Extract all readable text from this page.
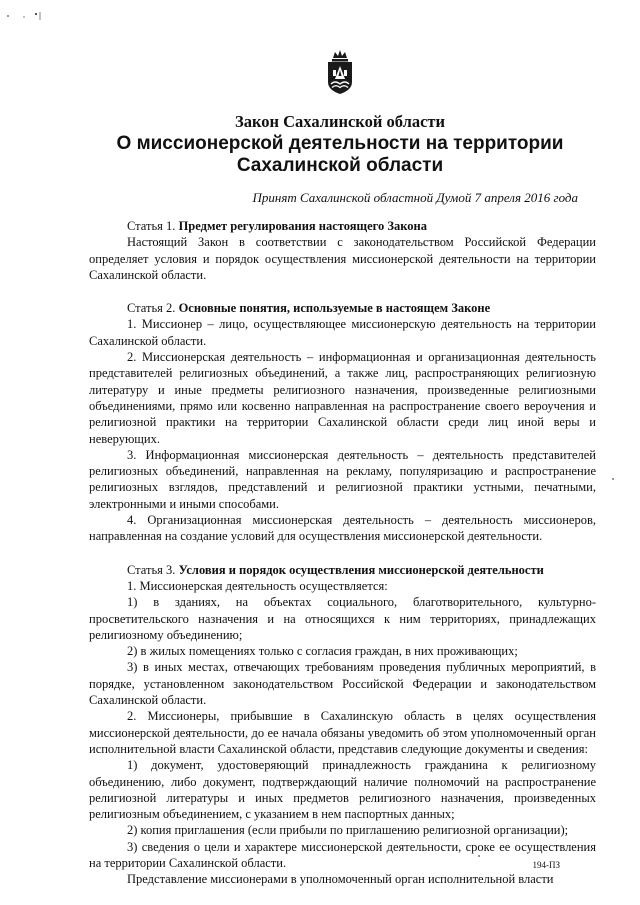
Закон Сахалинской области
О миссионерской деятельности на территории
Сахалинской области
Принят Сахалинской областной Думой 7 апреля 2016 года

Статья 1. Предмет регулирования настоящего Закона

Настоящий Закон в соответствии с законодательством Российской Федерации определяет условия и порядок осуществления миссионерской деятельности на территории Сахалинской области.

Статья 2. Основные понятия, используемые в настоящем Законе

1. Миссионер – лицо, осуществляющее миссионерскую деятельность на территории Сахалинской области.

2. Миссионерская деятельность – информационная и организационная деятельность представителей религиозных объединений, а также лиц, распространяющих религиозную литературу и иные предметы религиозного назначения, произведенные религиозными объединениями, прямо или косвенно направленная на распространение своего вероучения и религиозной практики на территории Сахалинской области среди лиц иной веры и неверующих.

3. Информационная миссионерская деятельность – деятельность представителей религиозных объединений, направленная на рекламу, популяризацию и распространение религиозных взглядов, представлений и религиозной практики устными, печатными, электронными и иными способами.

4. Организационная миссионерская деятельность – деятельность миссионеров, направленная на создание условий для осуществления миссионерской деятельности.

Статья 3. Условия и порядок осуществления миссионерской деятельности

1. Миссионерская деятельность осуществляется:

1) в зданиях, на объектах социального, благотворительного, культурно-просветительского назначения и на относящихся к ним территориях, принадлежащих религиозному объединению;

2) в жилых помещениях только с согласия граждан, в них проживающих;

3) в иных местах, отвечающих требованиям проведения публичных мероприятий, в порядке, установленном законодательством Российской Федерации и законодательством Сахалинской области.

2. Миссионеры, прибывшие в Сахалинскую область в целях осуществления миссионерской деятельности, до ее начала обязаны уведомить об этом уполномоченный орган исполнительной власти Сахалинской области, представив следующие документы и сведения:

1) документ, удостоверяющий принадлежность гражданина к религиозному объединению, либо документ, подтверждающий наличие полномочий на распространение религиозной литературы и иных предметов религиозного назначения, произведенных религиозным объединением, с указанием в нем паспортных данных;

2) копия приглашения (если прибыли по приглашению религиозной организации);

3) сведения о цели и характере миссионерской деятельности, сроке ее осуществления на территории Сахалинской области.

Представление миссионерами в уполномоченный орган исполнительной власти

194-ПЗ
